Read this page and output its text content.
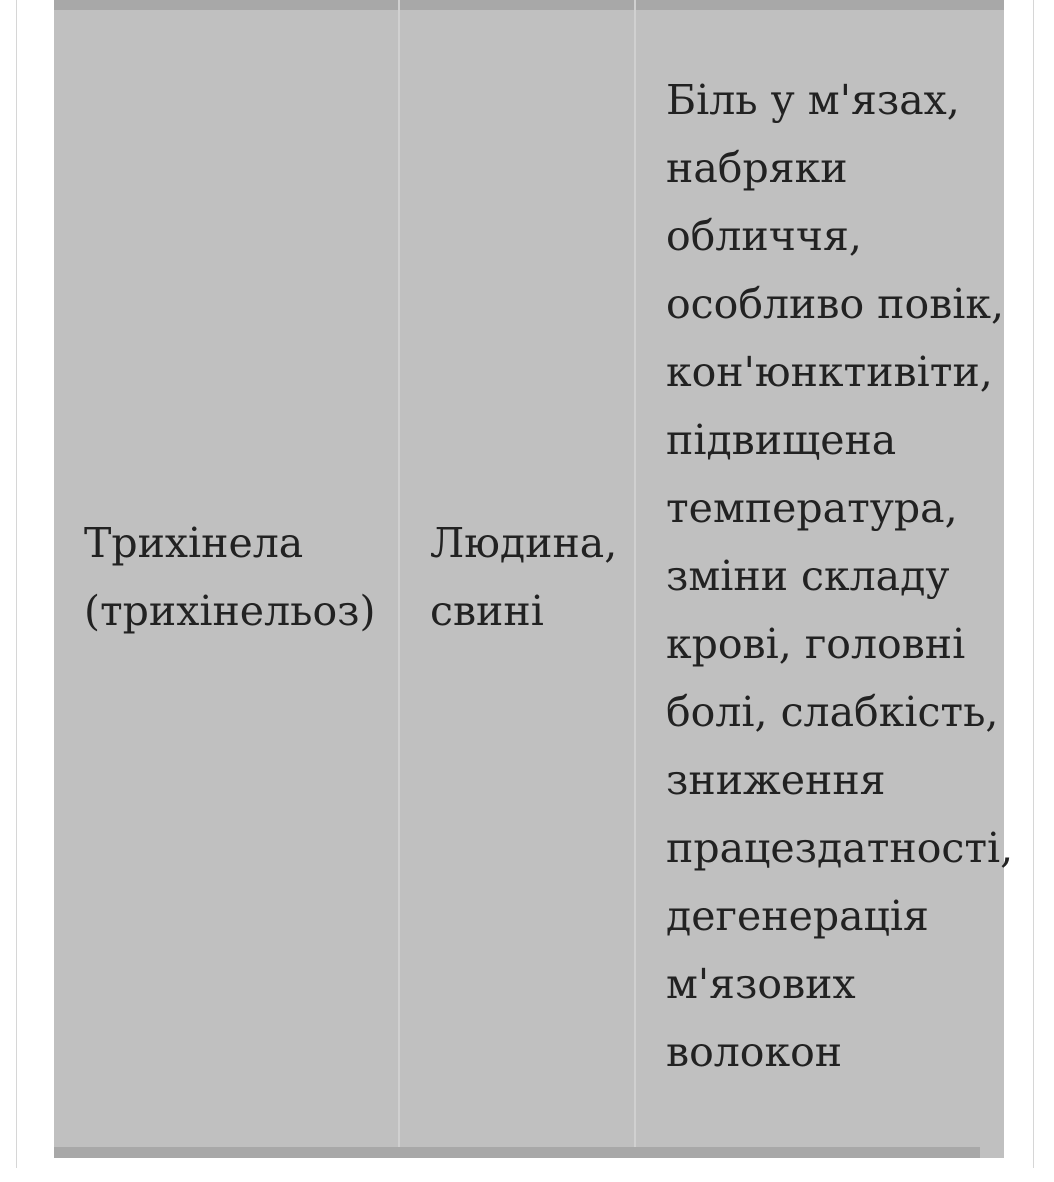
Трихінела
(трихінельоз)
Людина,
свині
Біль у м'язах,
набряки
обличчя,
особливо повік,
кон'юнктивіти,
підвищена
температура,
зміни складу
крові, головні
болі, слабкість,
зниження
працездатності,
дегенерація
м'язових
волокон
